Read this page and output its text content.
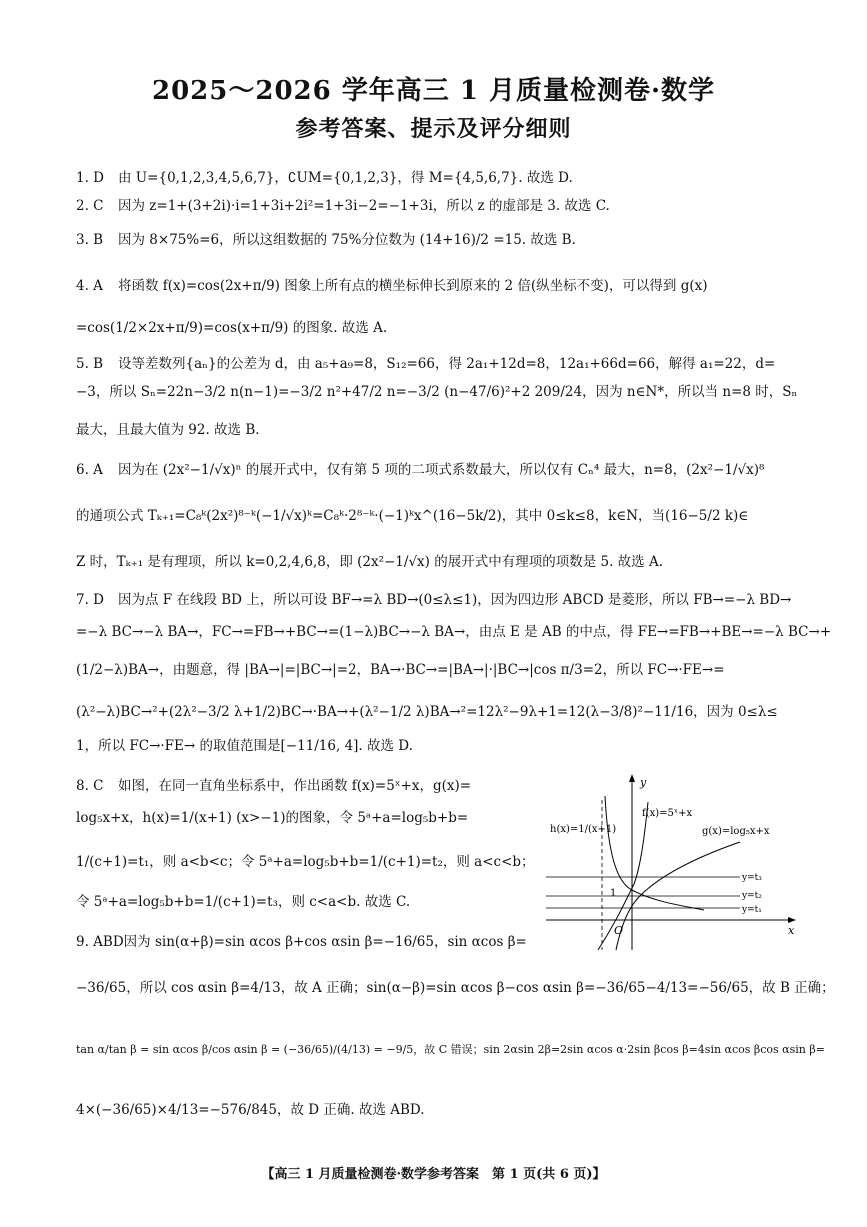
2025～2026 学年高三 1 月质量检测卷·数学
参考答案、提示及评分细则
1. D 由 U={0,1,2,3,4,5,6,7}，∁UM={0,1,2,3}，得 M={4,5,6,7}. 故选 D.
2. C 因为 z=1+(3+2i)·i=1+3i+2i²=1+3i−2=−1+3i，所以 z 的虚部是 3. 故选 C.
3. B 因为 8×75%=6，所以这组数据的 75%分位数为 (14+16)/2 =15. 故选 B.
4. A 将函数 f(x)=cos(2x+π/9) 图象上所有点的横坐标伸长到原来的 2 倍(纵坐标不变)，可以得到 g(x)
=cos(1/2×2x+π/9)=cos(x+π/9) 的图象. 故选 A.
5. B 设等差数列{aₙ}的公差为 d，由 a₅+a₉=8，S₁₂=66，得 2a₁+12d=8，12a₁+66d=66，解得 a₁=22，d=
−3，所以 Sₙ=22n−3/2 n(n−1)=−3/2 n²+47/2 n=−3/2 (n−47/6)²+2 209/24，因为 n∈N*，所以当 n=8 时，Sₙ
最大，且最大值为 92. 故选 B.
6. A 因为在 (2x²−1/√x)ⁿ 的展开式中，仅有第 5 项的二项式系数最大，所以仅有 Cₙ⁴ 最大，n=8，(2x²−1/√x)⁸
的通项公式 Tₖ₊₁=C₈ᵏ(2x²)⁸⁻ᵏ(−1/√x)ᵏ=C₈ᵏ·2⁸⁻ᵏ·(−1)ᵏx^(16−5k/2)，其中 0≤k≤8，k∈N，当(16−5/2 k)∈
Z 时，Tₖ₊₁ 是有理项，所以 k=0,2,4,6,8，即 (2x²−1/√x) 的展开式中有理项的项数是 5. 故选 A.
7. D 因为点 F 在线段 BD 上，所以可设 BF→=λ BD→(0≤λ≤1)，因为四边形 ABCD 是菱形，所以 FB→=−λ BD→
=−λ BC→−λ BA→，FC→=FB→+BC→=(1−λ)BC→−λ BA→，由点 E 是 AB 的中点，得 FE→=FB→+BE→=−λ BC→+
(1/2−λ)BA→，由题意，得 |BA→|=|BC→|=2，BA→·BC→=|BA→|·|BC→|cos π/3=2，所以 FC→·FE→=
(λ²−λ)BC→²+(2λ²−3/2 λ+1/2)BC→·BA→+(λ²−1/2 λ)BA→²=12λ²−9λ+1=12(λ−3/8)²−11/16，因为 0≤λ≤
1，所以 FC→·FE→ 的取值范围是[−11/16, 4]. 故选 D.
8. C 如图，在同一直角坐标系中，作出函数 f(x)=5ˣ+x，g(x)=
log₅x+x，h(x)=1/(x+1) (x>−1)的图象，令 5ᵃ+a=log₅b+b=
1/(c+1)=t₁，则 a<b<c；令 5ᵃ+a=log₅b+b=1/(c+1)=t₂，则 a<c<b；
令 5ᵃ+a=log₅b+b=1/(c+1)=t₃，则 c<a<b. 故选 C.
x
y
O
1
y=t₃
y=t₂
y=t₁
h(x)=1/(x+1)
f(x)=5ˣ+x
g(x)=log₅x+x
9. ABD因为 sin(α+β)=sin αcos β+cos αsin β=−16/65，sin αcos β=
−36/65，所以 cos αsin β=4/13，故 A 正确；sin(α−β)=sin αcos β−cos αsin β=−36/65−4/13=−56/65，故 B 正确；
tan α/tan β = sin αcos β/cos αsin β = (−36/65)/(4/13) = −9/5，故 C 错误；sin 2αsin 2β=2sin αcos α·2sin βcos β=4sin αcos βcos αsin β=
4×(−36/65)×4/13=−576/845，故 D 正确. 故选 ABD.
【高三 1 月质量检测卷·数学参考答案　第 1 页(共 6 页)】
